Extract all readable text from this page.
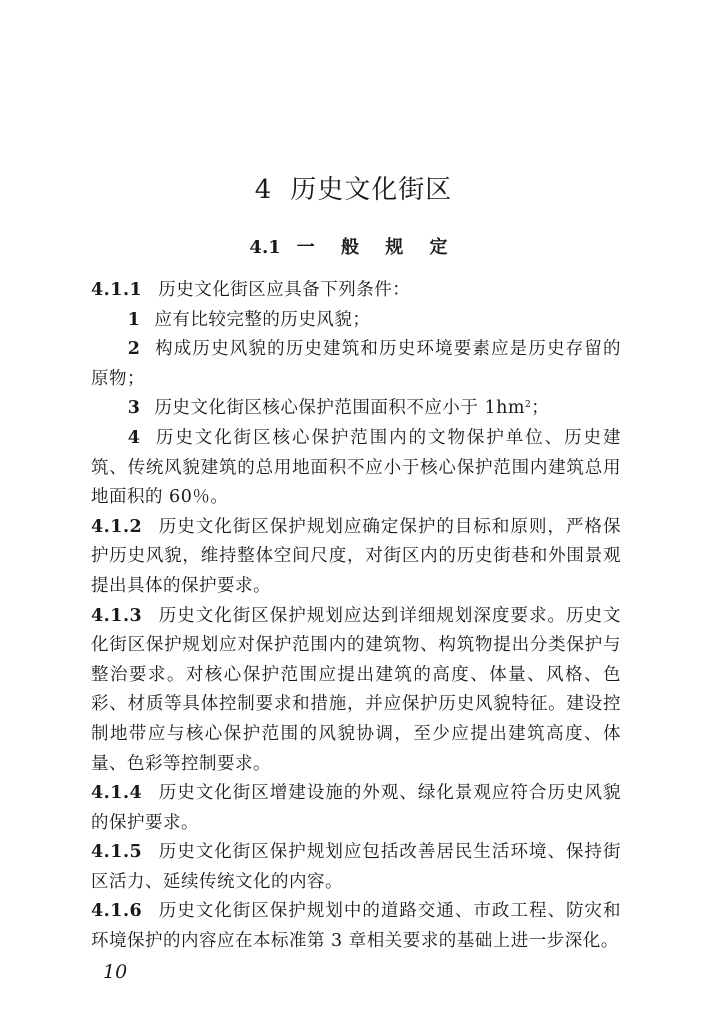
4 历史文化街区
4.1 一 般 规 定

4.1.1 历史文化街区应具备下列条件：

1 应有比较完整的历史风貌；

2 构成历史风貌的历史建筑和历史环境要素应是历史存留的原物；

3 历史文化街区核心保护范围面积不应小于 $1hm^2$；

4 历史文化街区核心保护范围内的文物保护单位、历史建筑、传统风貌建筑的总用地面积不应小于核心保护范围内建筑总用地面积的 60％。

4.1.2 历史文化街区保护规划应确定保护的目标和原则，严格保护历史风貌，维持整体空间尺度，对街区内的历史街巷和外围景观提出具体的保护要求。

4.1.3 历史文化街区保护规划应达到详细规划深度要求。历史文化街区保护规划应对保护范围内的建筑物、构筑物提出分类保护与整治要求。对核心保护范围应提出建筑的高度、体量、风格、色彩、材质等具体控制要求和措施，并应保护历史风貌特征。建设控制地带应与核心保护范围的风貌协调，至少应提出建筑高度、体量、色彩等控制要求。

4.1.4 历史文化街区增建设施的外观、绿化景观应符合历史风貌的保护要求。

4.1.5 历史文化街区保护规划应包括改善居民生活环境、保持街区活力、延续传统文化的内容。

4.1.6 历史文化街区保护规划中的道路交通、市政工程、防灾和环境保护的内容应在本标准第 3 章相关要求的基础上进一步深化。

10
